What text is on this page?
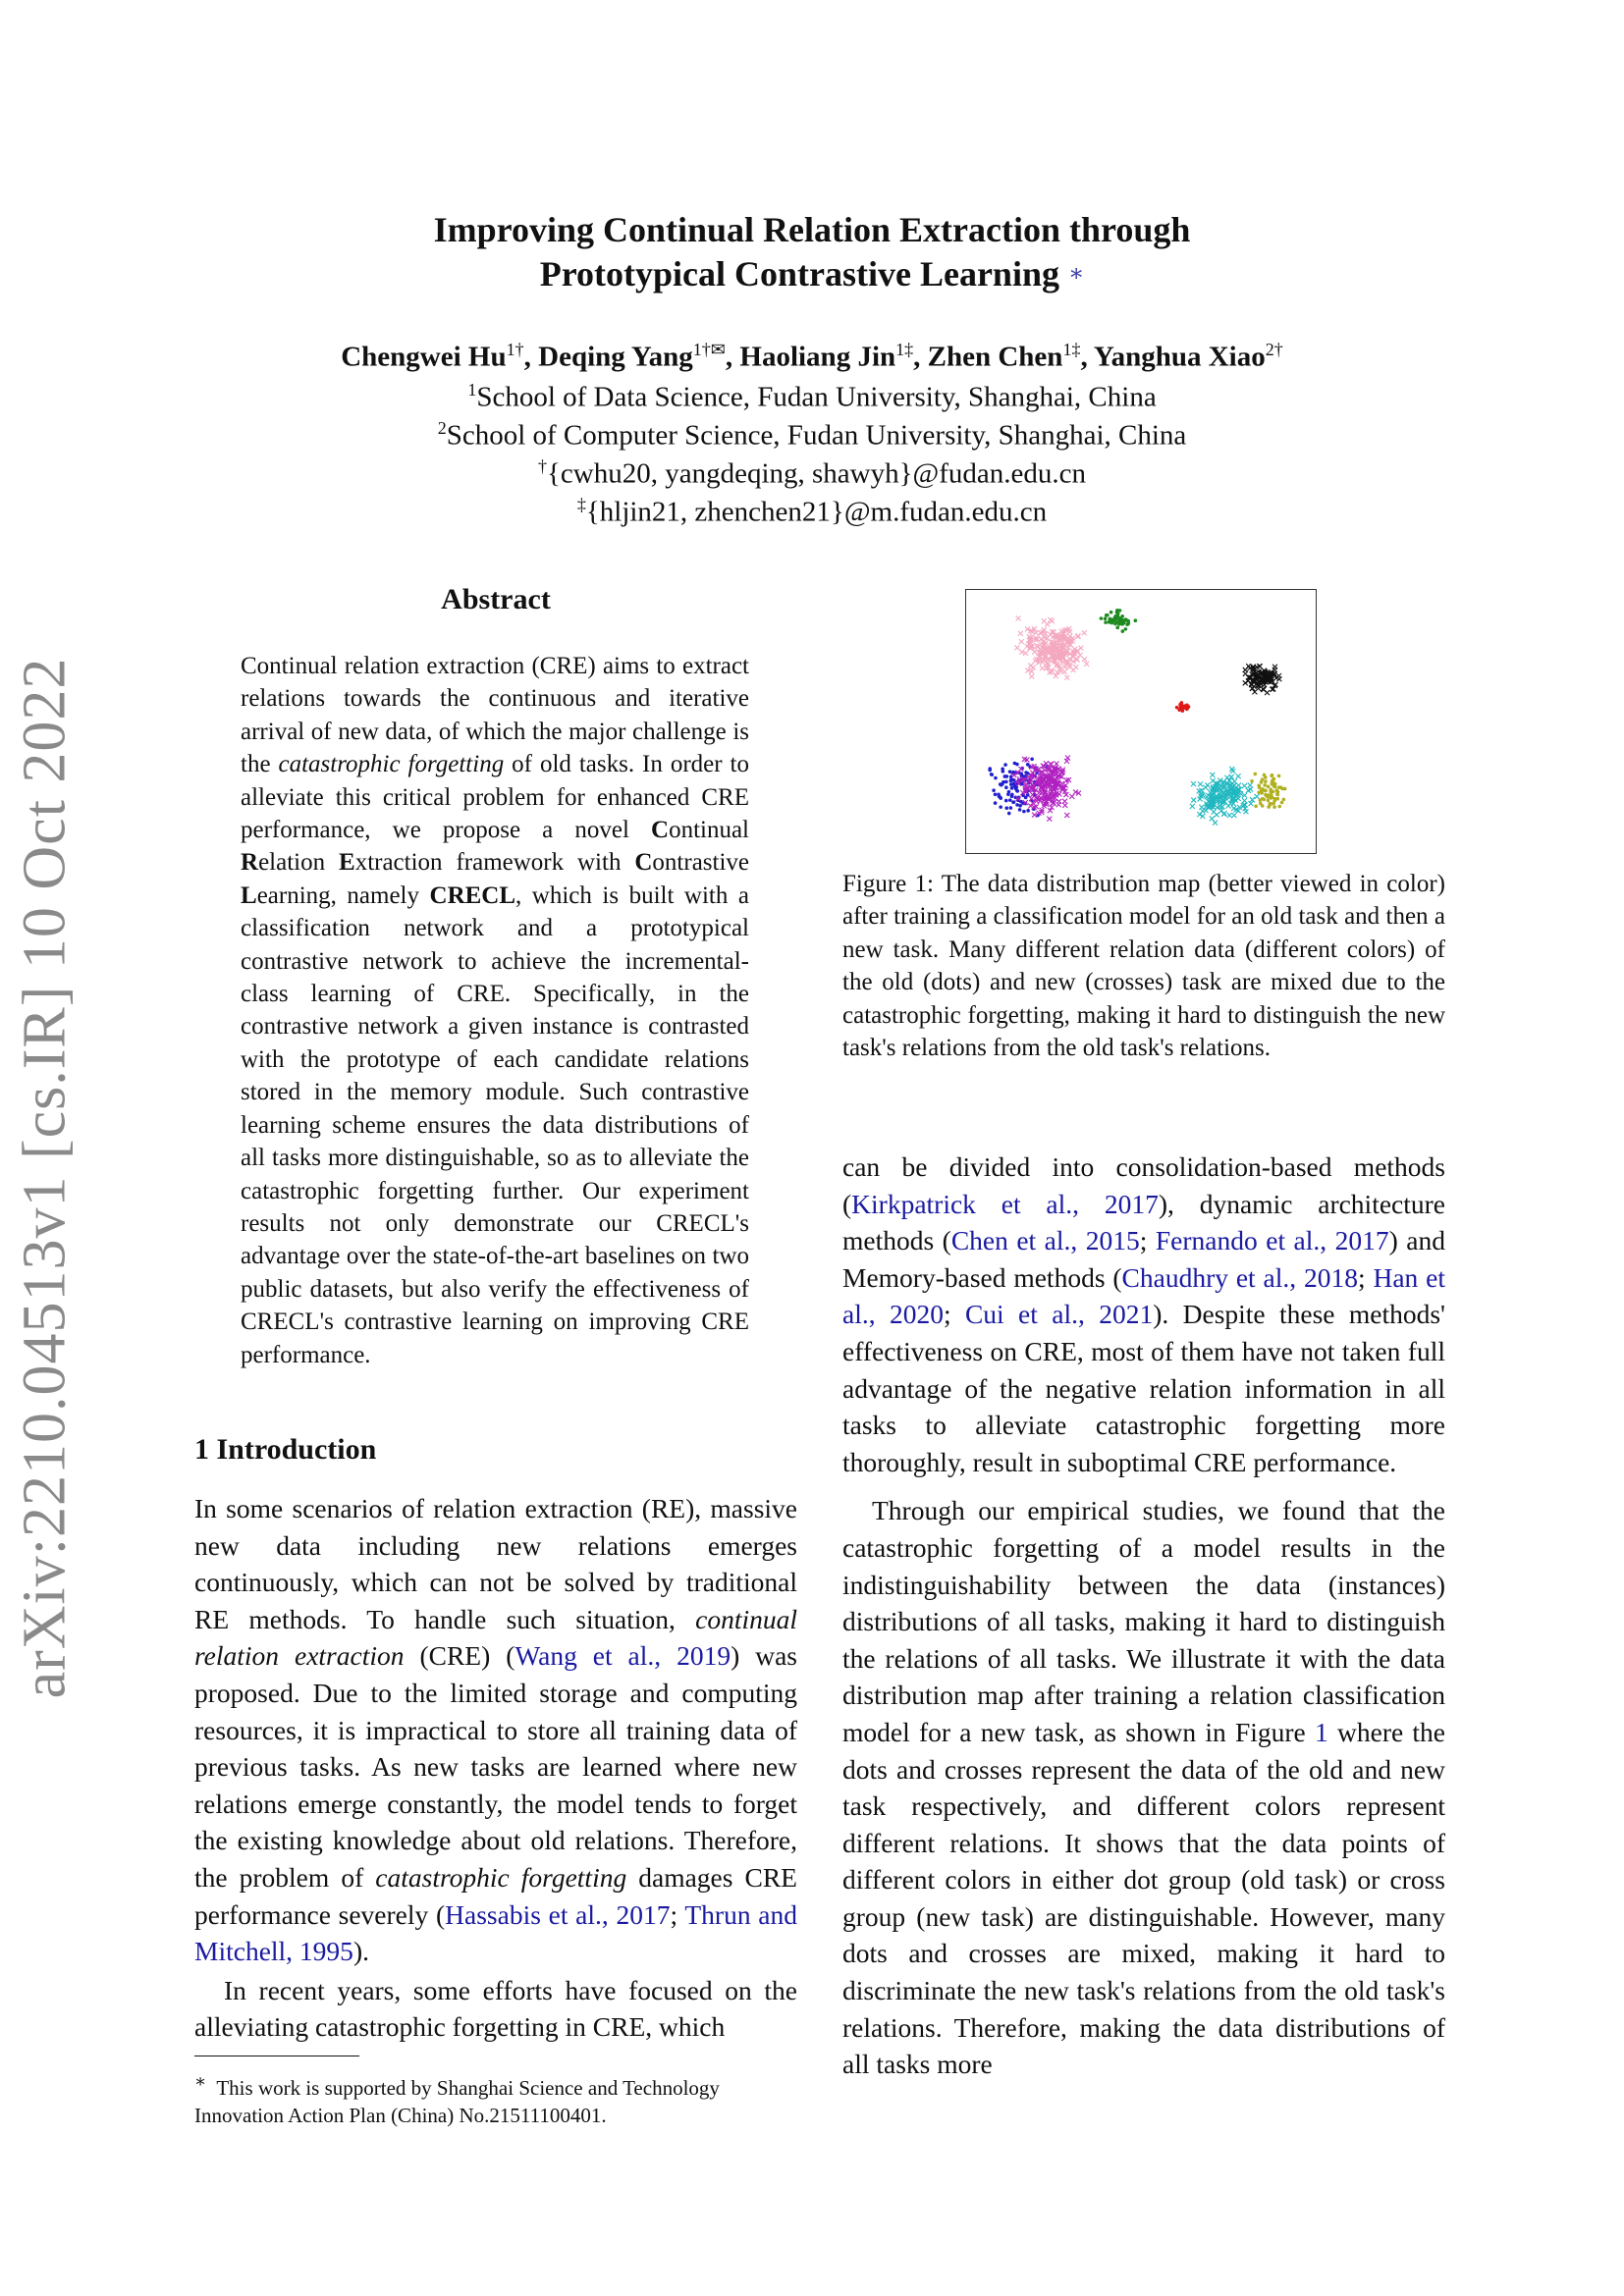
arXiv:2210.04513v1 [cs.IR] 10 Oct 2022
Improving Continual Relation Extraction through
Prototypical Contrastive Learning ∗
Chengwei $Hu^{1\dagger}$, Deqing Yang$^{1\dagger✉}$, Haoliang Jin$^{1\ddagger}$, Zhen Chen$^{1\ddagger}$, Yanghua Xiao$^{2\dagger}$
$^1$School of Data Science, Fudan University, Shanghai, China
$^2$School of Computer Science, Fudan University, Shanghai, China
†{cwhu20, yangdeqing, shawyh}@fudan.edu.cn
‡{hljin21, zhenchen21}@m.fudan.edu.cn
Abstract
Continual relation extraction (CRE) aims to extract relations towards the continuous and iterative arrival of new data, of which the major challenge is the catastrophic forgetting of old tasks. In order to alleviate this critical problem for enhanced CRE performance, we propose a novel Continual Relation Extraction framework with Contrastive Learning, namely CRECL, which is built with a classification network and a prototypical contrastive network to achieve the incremental-class learning of CRE. Specifically, in the contrastive network a given instance is contrasted with the prototype of each candidate relations stored in the memory module. Such contrastive learning scheme ensures the data distributions of all tasks more distinguishable, so as to alleviate the catastrophic forgetting further. Our experiment results not only demonstrate our CRECL's advantage over the state-of-the-art baselines on two public datasets, but also verify the effectiveness of CRECL's contrastive learning on improving CRE performance.
1 Introduction

In some scenarios of relation extraction (RE), massive new data including new relations emerges continuously, which can not be solved by traditional RE methods. To handle such situation, continual relation extraction (CRE) (Wang et al., 2019) was proposed. Due to the limited storage and computing resources, it is impractical to store all training data of previous tasks. As new tasks are learned where new relations emerge constantly, the model tends to forget the existing knowledge about old relations. Therefore, the problem of catastrophic forgetting damages CRE performance severely (Hassabis et al., 2017; Thrun and Mitchell, 1995).

In recent years, some efforts have focused on the alleviating catastrophic forgetting in CRE, which

∗ This work is supported by Shanghai Science and Technology Innovation Action Plan (China) No.21511100401.
Figure 1: The data distribution map (better viewed in color) after training a classification model for an old task and then a new task. Many different relation data (different colors) of the old (dots) and new (crosses) task are mixed due to the catastrophic forgetting, making it hard to distinguish the new task's relations from the old task's relations.

can be divided into consolidation-based methods (Kirkpatrick et al., 2017), dynamic architecture methods (Chen et al., 2015; Fernando et al., 2017) and Memory-based methods (Chaudhry et al., 2018; Han et al., 2020; Cui et al., 2021). Despite these methods' effectiveness on CRE, most of them have not taken full advantage of the negative relation information in all tasks to alleviate catastrophic forgetting more thoroughly, result in suboptimal CRE performance.

Through our empirical studies, we found that the catastrophic forgetting of a model results in the indistinguishability between the data (instances) distributions of all tasks, making it hard to distinguish the relations of all tasks. We illustrate it with the data distribution map after training a relation classification model for a new task, as shown in Figure 1 where the dots and crosses represent the data of the old and new task respectively, and different colors represent different relations. It shows that the data points of different colors in either dot group (old task) or cross group (new task) are distinguishable. However, many dots and crosses are mixed, making it hard to discriminate the new task's relations from the old task's relations. Therefore, making the data distributions of all tasks more
